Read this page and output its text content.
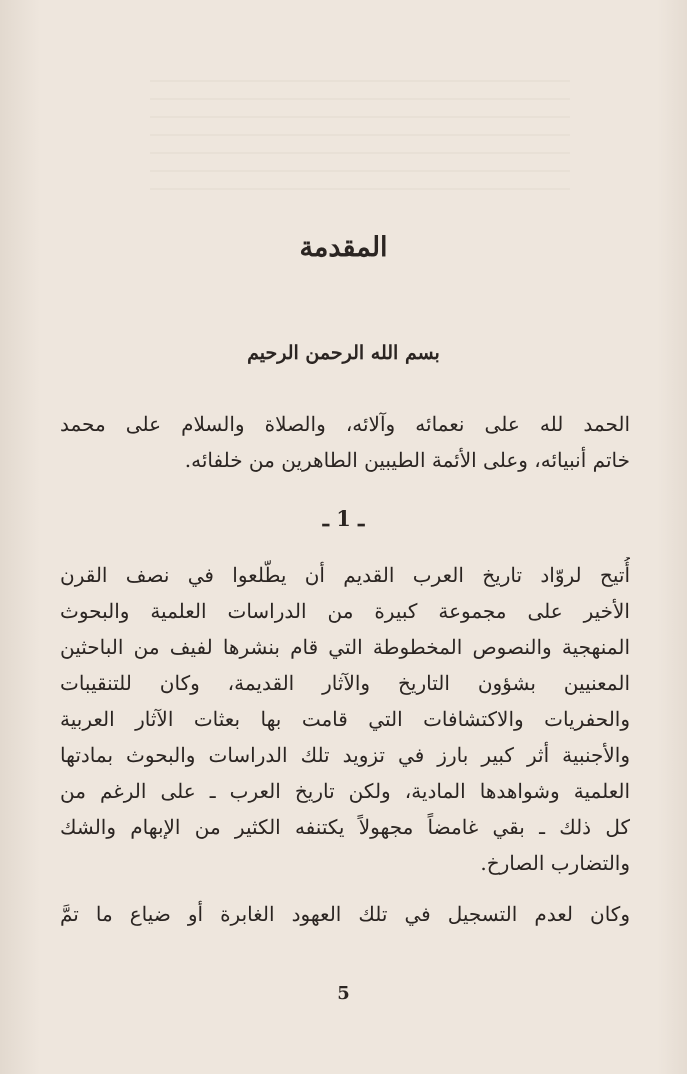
المقدمة
بسم الله الرحمن الرحيم
الحمد لله على نعمائه وآلائه، والصلاة والسلام على محمد
خاتم أنبيائه، وعلى الأئمة الطيبين الطاهرين من خلفائه.
ـ 1 ـ
أُتيح لروّاد تاريخ العرب القديم أن يطّلعوا في نصف القرن
الأخير على مجموعة كبيرة من الدراسات العلمية والبحوث
المنهجية والنصوص المخطوطة التي قام بنشرها لفيف من الباحثين
المعنيين بشؤون التاريخ والآثار القديمة، وكان للتنقيبات
والحفريات والاكتشافات التي قامت بها بعثات الآثار العربية
والأجنبية أثر كبير بارز في تزويد تلك الدراسات والبحوث بمادتها
العلمية وشواهدها المادية، ولكن تاريخ العرب ـ على الرغم من
كل ذلك ـ بقي غامضاً مجهولاً يكتنفه الكثير من الإبهام والشك
والتضارب الصارخ.
وكان لعدم التسجيل في تلك العهود الغابرة أو ضياع ما تمَّ
5
